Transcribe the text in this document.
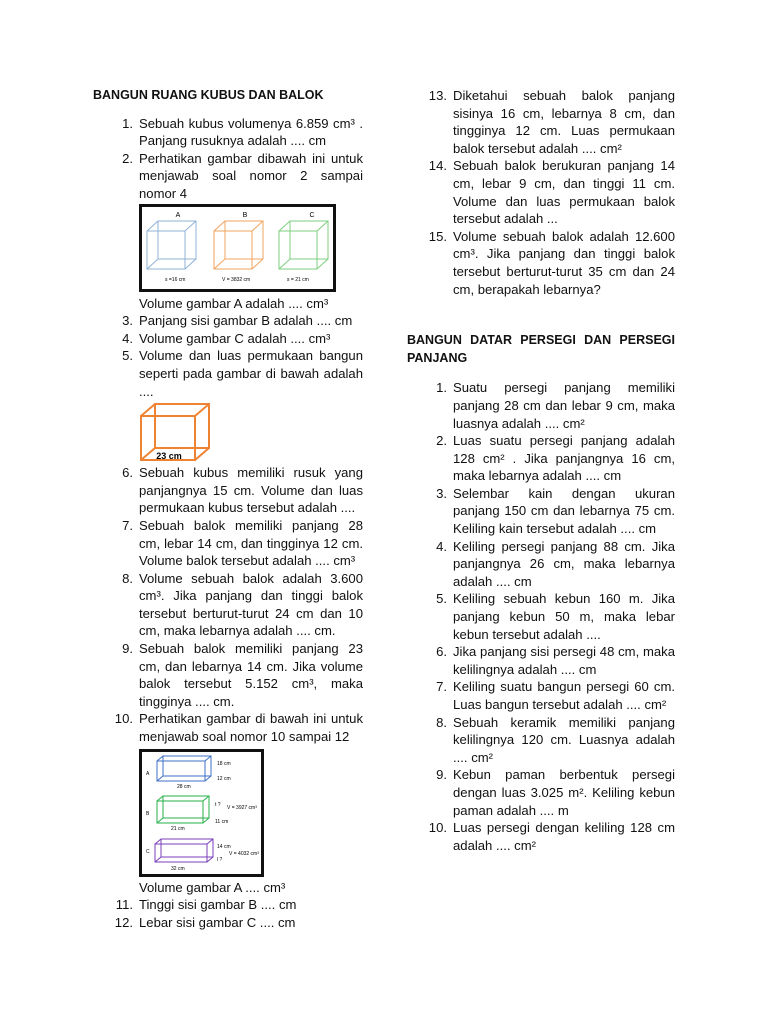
BANGUN RUANG KUBUS DAN BALOK

1. Sebuah kubus volumenya 6.859 cm³ . Panjang rusuknya adalah .... cm
2. Perhatikan gambar dibawah ini untuk menjawab soal nomor 2 sampai nomor 4
A	B	C
s =16 cm	V = 3832 cm	s = 21 cm
Volume gambar A adalah .... cm³
3. Panjang sisi gambar B adalah .... cm
4. Volume gambar C adalah .... cm³
5. Volume dan luas permukaan bangun seperti pada gambar di bawah adalah ....
23 cm
6. Sebuah kubus memiliki rusuk yang panjangnya 15 cm. Volume dan luas permukaan kubus tersebut adalah ....
7. Sebuah balok memiliki panjang 28 cm, lebar 14 cm, dan tingginya 12 cm. Volume balok tersebut adalah .... cm³
8. Volume sebuah balok adalah 3.600 cm³. Jika panjang dan tinggi balok tersebut berturut-turut 24 cm dan 10 cm, maka lebarnya adalah .... cm.
9. Sebuah balok memiliki panjang 23 cm, dan lebarnya 14 cm. Jika volume balok tersebut 5.152 cm³, maka tingginya .... cm.
10. Perhatikan gambar di bawah ini untuk menjawab soal nomor 10 sampai 12
A
18 cm
12 cm
28 cm
B
t ? V = 3927 cm³
11 cm
21 cm
C
14 cm
l ?
V = 4032 cm³
32 cm
Volume gambar A .... cm³
11. Tinggi sisi gambar B .... cm
12. Lebar sisi gambar C .... cm
13. Diketahui sebuah balok panjang sisinya 16 cm, lebarnya 8 cm, dan tingginya 12 cm. Luas permukaan balok tersebut adalah .... cm²
14. Sebuah balok berukuran panjang 14 cm, lebar 9 cm, dan tinggi 11 cm. Volume dan luas permukaan balok tersebut adalah ...
15. Volume sebuah balok adalah 12.600 cm³. Jika panjang dan tinggi balok tersebut berturut-turut 35 cm dan 24 cm, berapakah lebarnya?

BANGUN DATAR PERSEGI DAN PERSEGI PANJANG

1. Suatu persegi panjang memiliki panjang 28 cm dan lebar 9 cm, maka luasnya adalah .... cm²
2. Luas suatu persegi panjang adalah 128 cm² . Jika panjangnya 16 cm, maka lebarnya adalah .... cm
3. Selembar kain dengan ukuran panjang 150 cm dan lebarnya 75 cm. Keliling kain tersebut adalah .... cm
4. Keliling persegi panjang 88 cm. Jika panjangnya 26 cm, maka lebarnya adalah .... cm
5. Keliling sebuah kebun 160 m. Jika panjang kebun 50 m, maka lebar kebun tersebut adalah ....
6. Jika panjang sisi persegi 48 cm, maka kelilingnya adalah .... cm
7. Keliling suatu bangun persegi 60 cm. Luas bangun tersebut adalah .... cm²
8. Sebuah keramik memiliki panjang kelilingnya 120 cm. Luasnya adalah .... cm²
9. Kebun paman berbentuk persegi dengan luas 3.025 m². Keliling kebun paman adalah .... m
10. Luas persegi dengan keliling 128 cm adalah .... cm²
